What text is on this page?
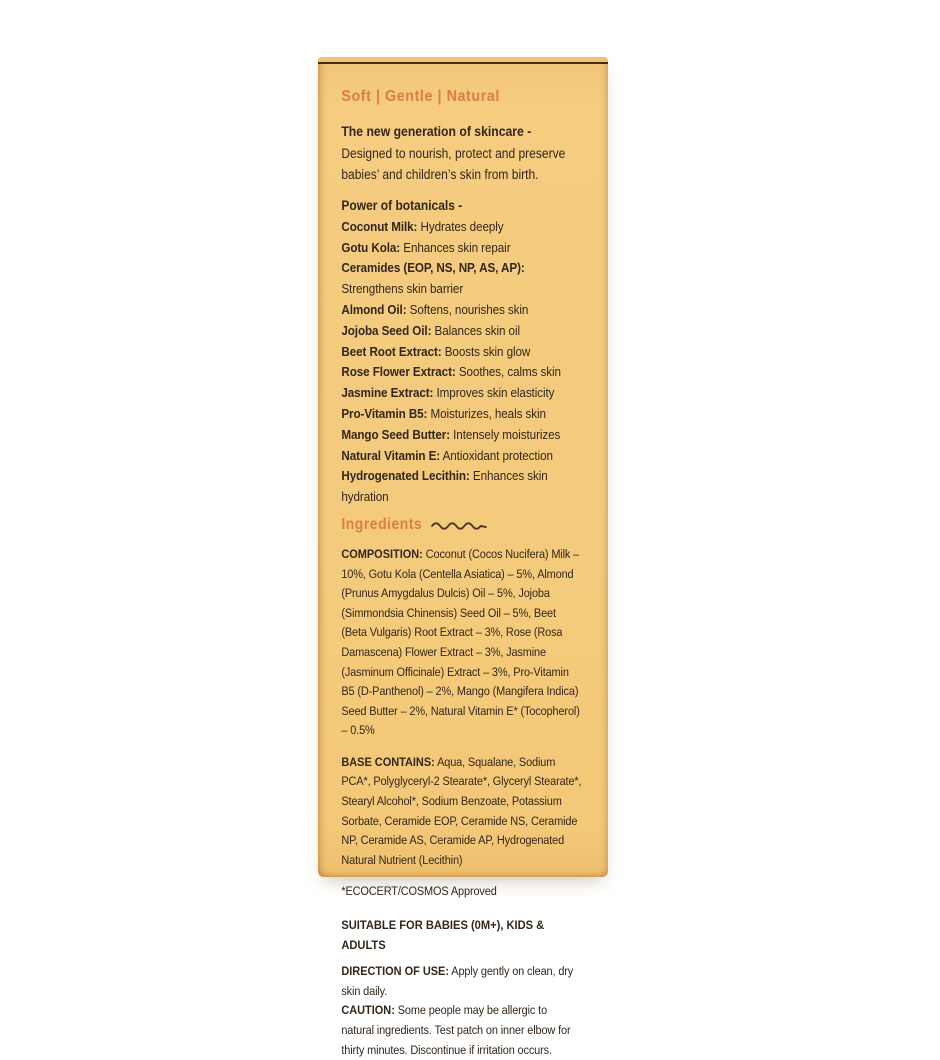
Soft | Gentle | Natural

The new generation of skincare -

Designed to nourish, protect and preserve babies’ and children’s skin from birth.

Power of botanicals -

Coconut Milk: Hydrates deeply
Gotu Kola: Enhances skin repair
Ceramides (EOP, NS, NP, AS, AP): Strengthens skin barrier
Almond Oil: Softens, nourishes skin
Jojoba Seed Oil: Balances skin oil
Beet Root Extract: Boosts skin glow
Rose Flower Extract: Soothes, calms skin
Jasmine Extract: Improves skin elasticity
Pro-Vitamin B5: Moisturizes, heals skin
Mango Seed Butter: Intensely moisturizes
Natural Vitamin E: Antioxidant protection
Hydrogenated Lecithin: Enhances skin hydration
Ingredients

COMPOSITION: Coconut (Cocos Nucifera) Milk – 10%, Gotu Kola (Centella Asiatica) – 5%, Almond (Prunus Amygdalus Dulcis) Oil – 5%, Jojoba (Simmondsia Chinensis) Seed Oil – 5%, Beet (Beta Vulgaris) Root Extract – 3%, Rose (Rosa Damascena) Flower Extract – 3%, Jasmine (Jasminum Officinale) Extract – 3%, Pro-Vitamin B5 (D-Panthenol) – 2%, Mango (Mangifera Indica) Seed Butter – 2%, Natural Vitamin E* (Tocopherol) – 0.5%

BASE CONTAINS: Aqua, Squalane, Sodium PCA*, Polyglyceryl-2 Stearate*, Glyceryl Stearate*, Stearyl Alcohol*, Sodium Benzoate, Potassium Sorbate, Ceramide EOP, Ceramide NS, Ceramide NP, Ceramide AS, Ceramide AP, Hydrogenated Natural Nutrient (Lecithin)

*ECOCERT/COSMOS Approved

SUITABLE FOR BABIES (0M+), KIDS & ADULTS

DIRECTION OF USE: Apply gently on clean, dry skin daily.

CAUTION: Some people may be allergic to natural ingredients. Test patch on inner elbow for thirty minutes. Discontinue if irritation occurs.
